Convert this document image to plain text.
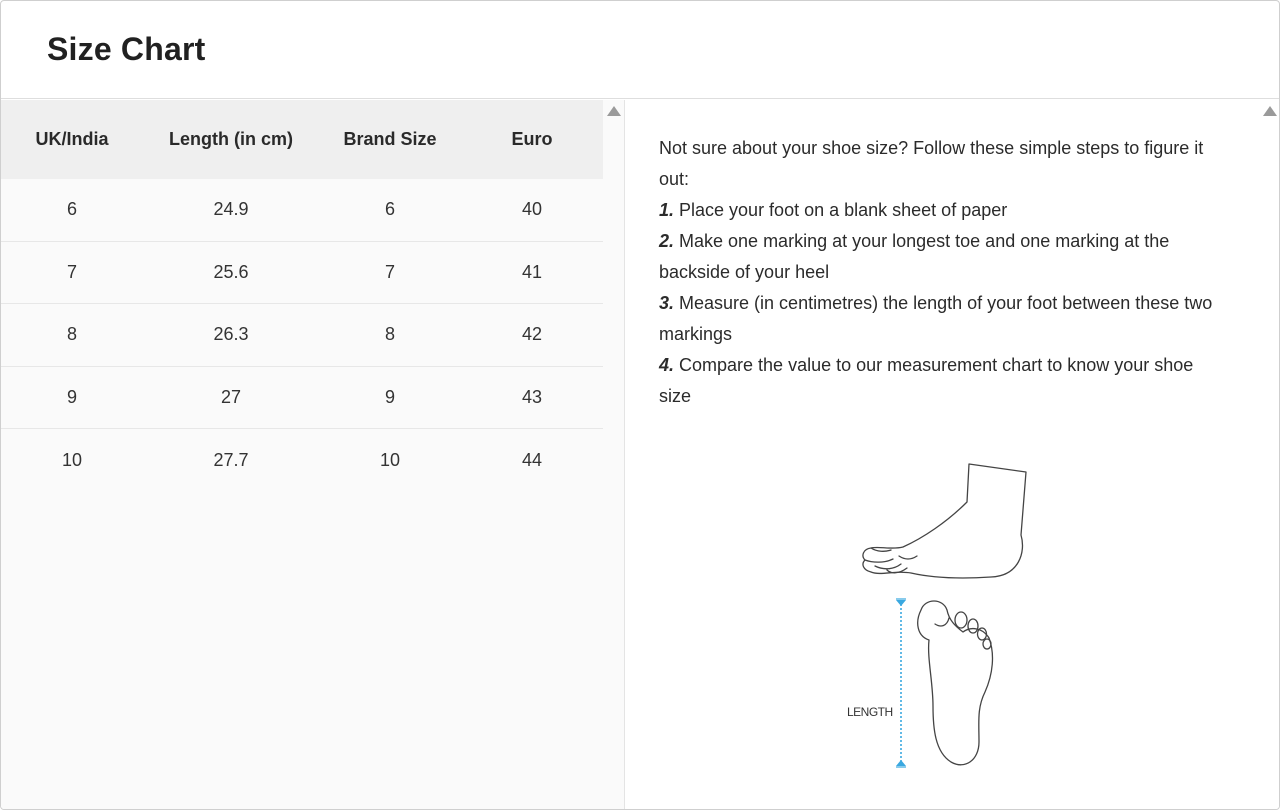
Size Chart
UK/India	Length (in cm)	Brand Size	Euro
6	24.9	6	40
7	25.6	7	41
8	26.3	8	42
9	27	9	43
10	27.7	10	44

Not sure about your shoe size? Follow these simple steps to figure it out:

1. Place your foot on a blank sheet of paper

2. Make one marking at your longest toe and one marking at the backside of your heel

3. Measure (in centimetres) the length of your foot between these two markings

4. Compare the value to our measurement chart to know your shoe size

LENGTH
